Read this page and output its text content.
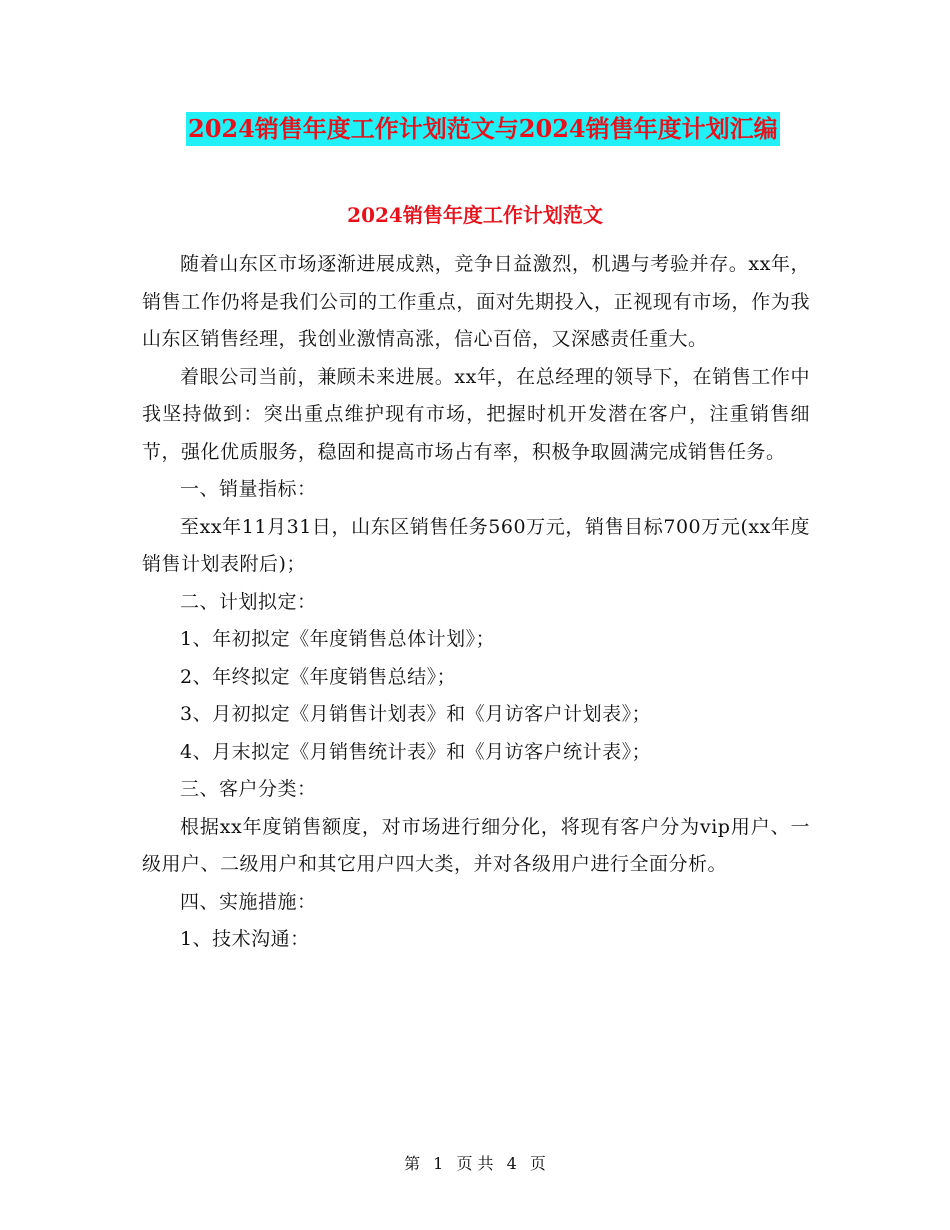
2024销售年度工作计划范文与2024销售年度计划汇编
2024销售年度工作计划范文

随着山东区市场逐渐进展成熟，竞争日益激烈，机遇与考验并存。xx年，销售工作仍将是我们公司的工作重点，面对先期投入，正视现有市场，作为我山东区销售经理，我创业激情高涨，信心百倍，又深感责任重大。

着眼公司当前，兼顾未来进展。xx年，在总经理的领导下，在销售工作中我坚持做到：突出重点维护现有市场，把握时机开发潜在客户，注重销售细节，强化优质服务，稳固和提高市场占有率，积极争取圆满完成销售任务。

一、销量指标：

至xx年11月31日，山东区销售任务560万元，销售目标700万元(xx年度销售计划表附后)；

二、计划拟定：

1、年初拟定《年度销售总体计划》；

2、年终拟定《年度销售总结》；

3、月初拟定《月销售计划表》和《月访客户计划表》；

4、月末拟定《月销售统计表》和《月访客户统计表》；

三、客户分类：

根据xx年度销售额度，对市场进行细分化，将现有客户分为vip用户、一级用户、二级用户和其它用户四大类，并对各级用户进行全面分析。

四、实施措施：

1、技术沟通：

第 1 页 共 4 页
